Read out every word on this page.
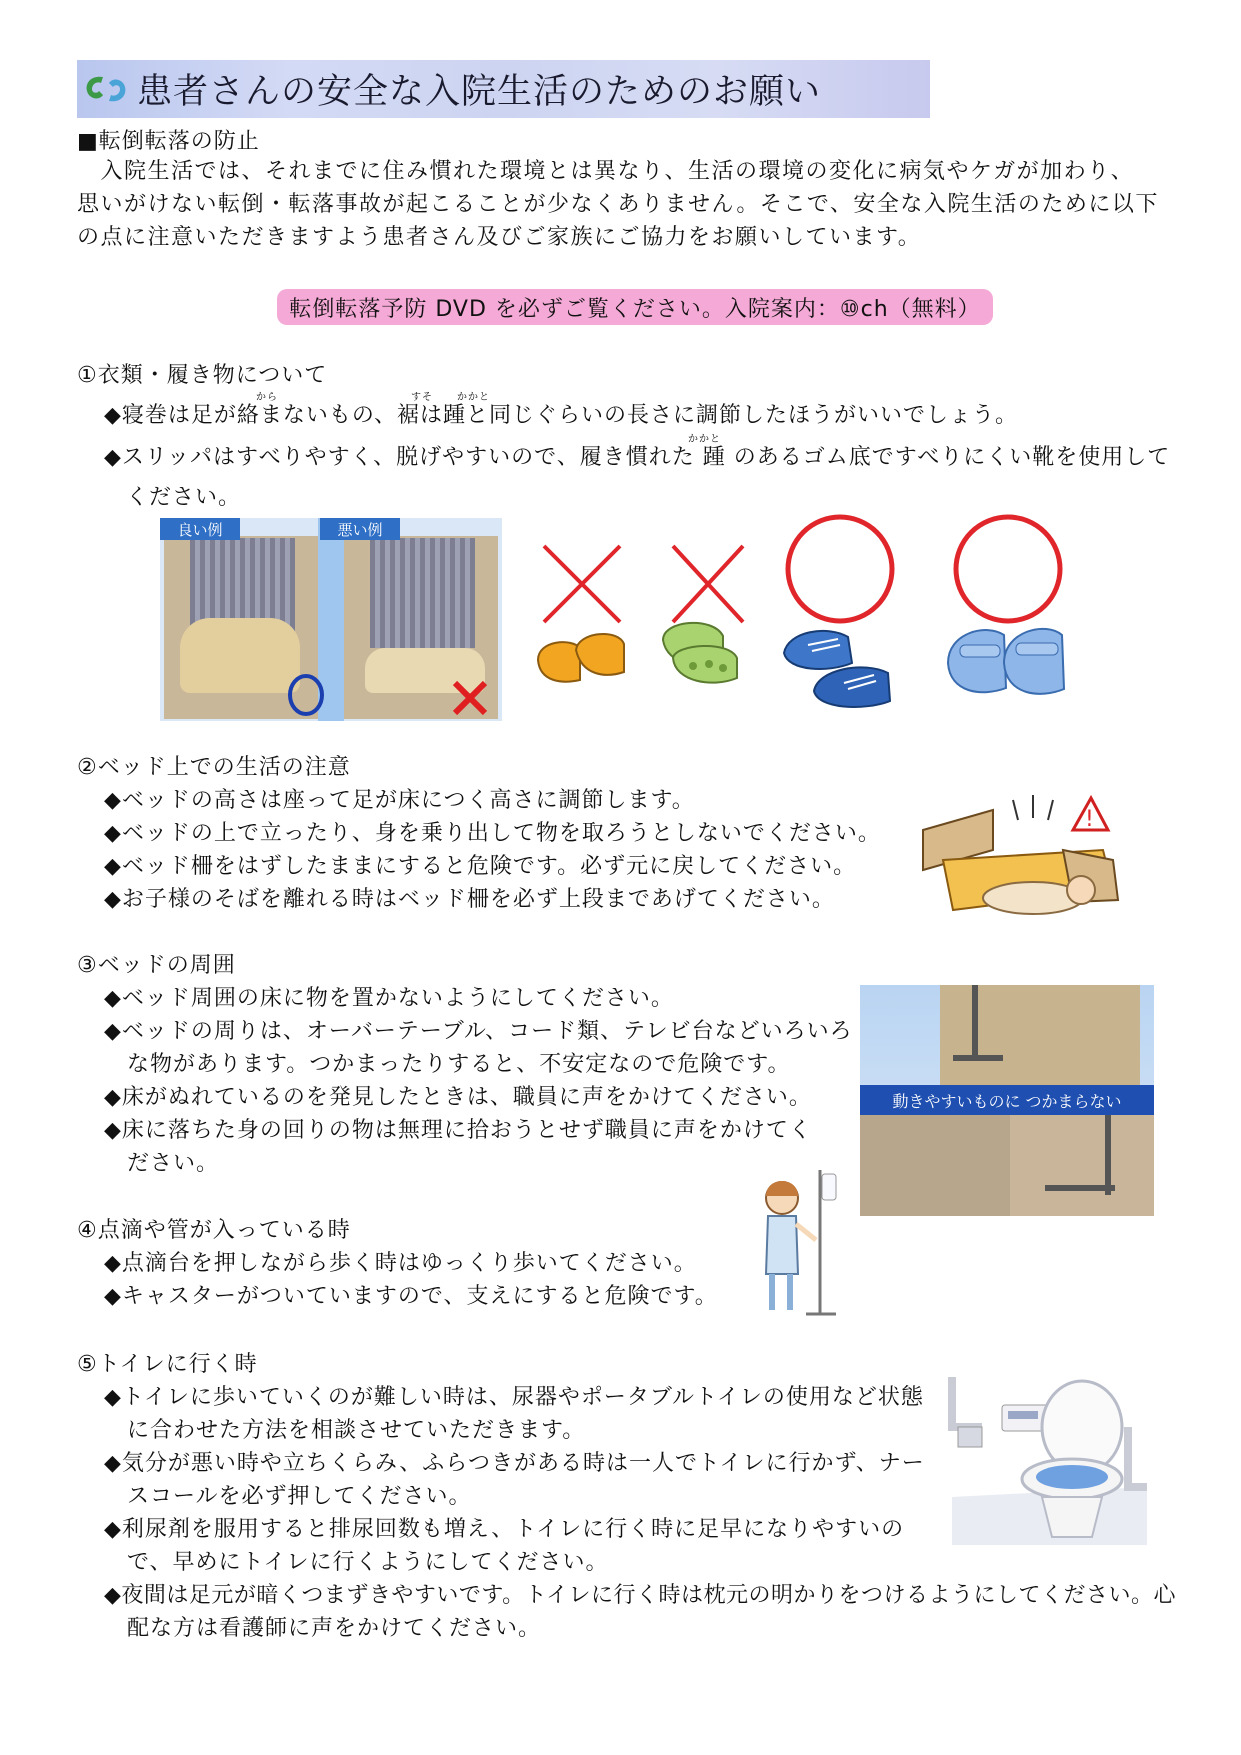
患者さんの安全な入院生活のためのお願い
■転倒転落の防止

　入院生活では、それまでに住み慣れた環境とは異なり、生活の環境の変化に病気やケガが加わり、

思いがけない転倒・転落事故が起こることが少なくありません。そこで、安全な入院生活のために以下

の点に注意いただきますよう患者さん及びご家族にご協力をお願いしています。

転倒転落予防 DVD を必ずご覧ください。入院案内：⑩ch（無料）
①衣類・履き物について
から	すそ かかと
◆寝巻は足が絡まないもの、裾は踵と同じぐらいの長さに調節したほうがいいでしょう。
かかと
◆スリッパはすべりやすく、脱げやすいので、履き慣れた 踵 のあるゴム底ですべりにくい靴を使用して
ください。
良い例	悪い例
②ベッド上での生活の注意
◆ベッドの高さは座って足が床につく高さに調節します。
◆ベッドの上で立ったり、身を乗り出して物を取ろうとしないでください。
◆ベッド柵をはずしたままにすると危険です。必ず元に戻してください。
◆お子様のそばを離れる時はベッド柵を必ず上段まであげてください。
!
③ベッドの周囲
◆ベッド周囲の床に物を置かないようにしてください。
◆ベッドの周りは、オーバーテーブル、コード類、テレビ台などいろいろ
　な物があります。つかまったりすると、不安定なので危険です。
◆床がぬれているのを発見したときは、職員に声をかけてください。
◆床に落ちた身の回りの物は無理に拾おうとせず職員に声をかけてく
　ださい。
動きやすいものに つかまらない
④点滴や管が入っている時
◆点滴台を押しながら歩く時はゆっくり歩いてください。
◆キャスターがついていますので、支えにすると危険です。
⑤トイレに行く時
◆トイレに歩いていくのが難しい時は、尿器やポータブルトイレの使用など状態
　に合わせた方法を相談させていただきます。
◆気分が悪い時や立ちくらみ、ふらつきがある時は一人でトイレに行かず、ナー
　スコールを必ず押してください。
◆利尿剤を服用すると排尿回数も増え、トイレに行く時に足早になりやすいの
　で、早めにトイレに行くようにしてください。
◆夜間は足元が暗くつまずきやすいです。トイレに行く時は枕元の明かりをつけるようにしてください。心
　配な方は看護師に声をかけてください。
